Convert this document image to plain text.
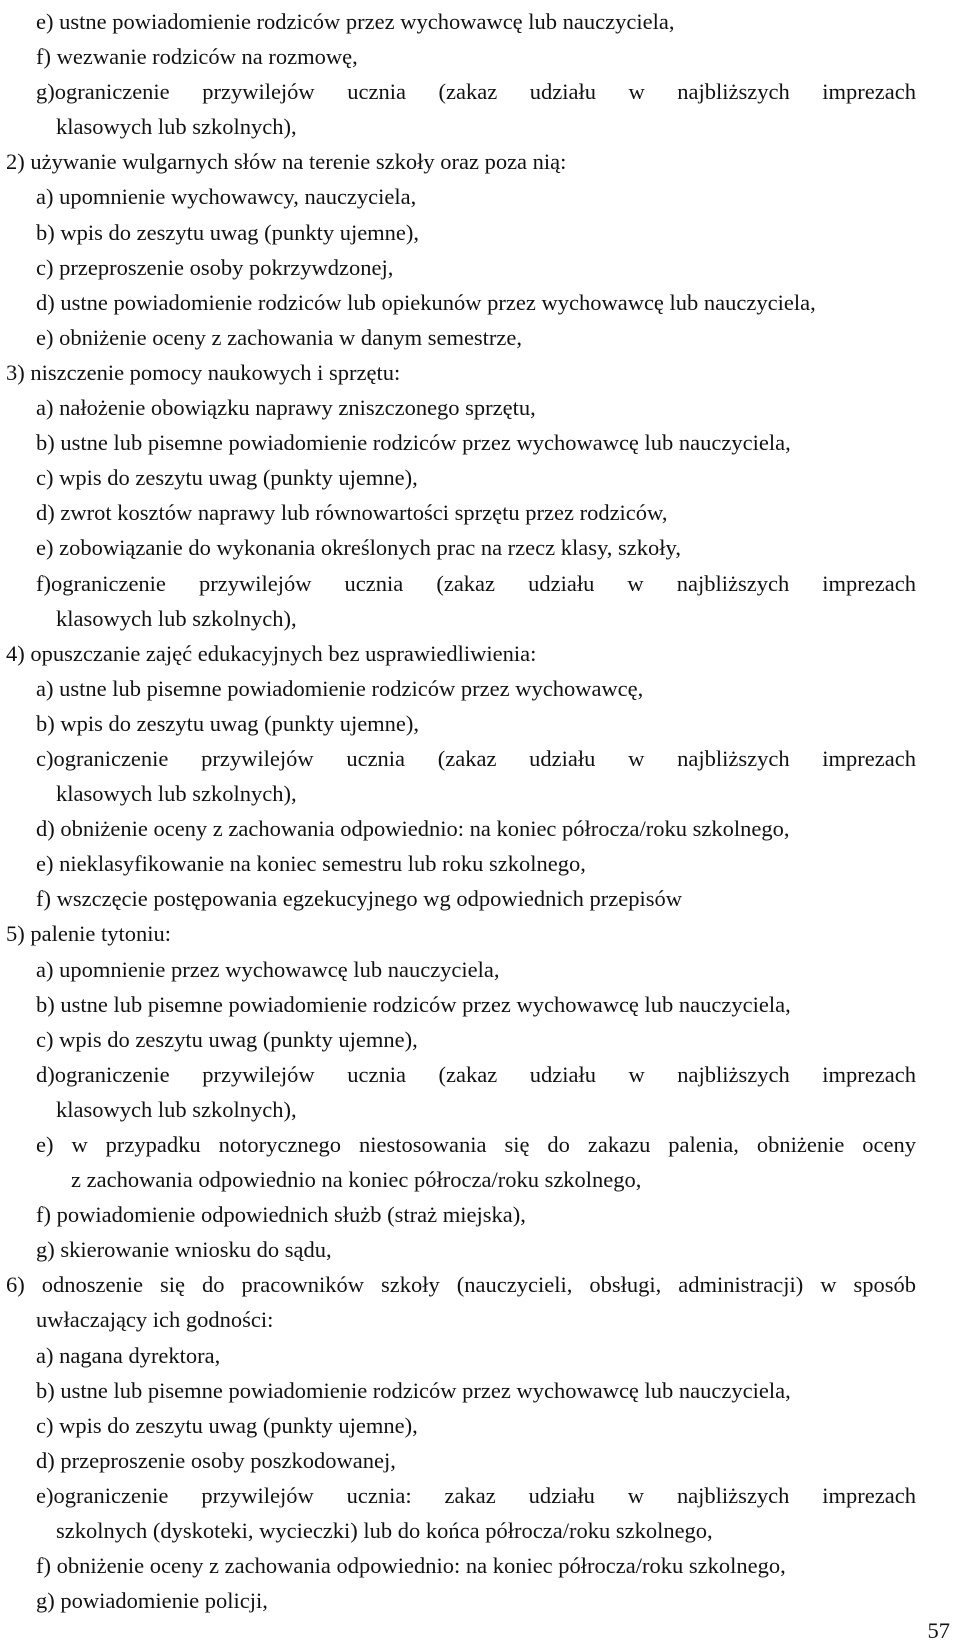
e) ustne powiadomienie rodziców przez wychowawcę lub nauczyciela,
f) wezwanie rodziców na rozmowę,
g)ograniczenie przywilejów ucznia (zakaz udziału w najbliższych imprezach
klasowych lub szkolnych),
2) używanie wulgarnych słów na terenie szkoły oraz poza nią:
a) upomnienie wychowawcy, nauczyciela,
b) wpis do zeszytu uwag (punkty ujemne),
c) przeproszenie osoby pokrzywdzonej,
d) ustne powiadomienie rodziców lub opiekunów przez wychowawcę lub nauczyciela,
e) obniżenie oceny z zachowania w danym semestrze,
3) niszczenie pomocy naukowych i sprzętu:
a) nałożenie obowiązku naprawy zniszczonego sprzętu,
b) ustne lub pisemne powiadomienie rodziców przez wychowawcę lub nauczyciela,
c) wpis do zeszytu uwag (punkty ujemne),
d) zwrot kosztów naprawy lub równowartości sprzętu przez rodziców,
e) zobowiązanie do wykonania określonych prac na rzecz klasy, szkoły,
f)ograniczenie przywilejów ucznia (zakaz udziału w najbliższych imprezach
klasowych lub szkolnych),
4) opuszczanie zajęć edukacyjnych bez usprawiedliwienia:
a) ustne lub pisemne powiadomienie rodziców przez wychowawcę,
b) wpis do zeszytu uwag (punkty ujemne),
c)ograniczenie przywilejów ucznia (zakaz udziału w najbliższych imprezach
klasowych lub szkolnych),
d) obniżenie oceny z zachowania odpowiednio: na koniec półrocza/roku szkolnego,
e) nieklasyfikowanie na koniec semestru lub roku szkolnego,
f) wszczęcie postępowania egzekucyjnego wg odpowiednich przepisów
5) palenie tytoniu:
a) upomnienie przez wychowawcę lub nauczyciela,
b) ustne lub pisemne powiadomienie rodziców przez wychowawcę lub nauczyciela,
c) wpis do zeszytu uwag (punkty ujemne),
d)ograniczenie przywilejów ucznia (zakaz udziału w najbliższych imprezach
klasowych lub szkolnych),
e) w przypadku notorycznego niestosowania się do zakazu palenia, obniżenie oceny
z zachowania odpowiednio na koniec półrocza/roku szkolnego,
f) powiadomienie odpowiednich służb (straż miejska),
g) skierowanie wniosku do sądu,
6) odnoszenie się do pracowników szkoły (nauczycieli, obsługi, administracji) w sposób
uwłaczający ich godności:
a) nagana dyrektora,
b) ustne lub pisemne powiadomienie rodziców przez wychowawcę lub nauczyciela,
c) wpis do zeszytu uwag (punkty ujemne),
d) przeproszenie osoby poszkodowanej,
e)ograniczenie przywilejów ucznia: zakaz udziału w najbliższych imprezach
szkolnych (dyskoteki, wycieczki) lub do końca półrocza/roku szkolnego,
f) obniżenie oceny z zachowania odpowiednio: na koniec półrocza/roku szkolnego,
g) powiadomienie policji,
57
